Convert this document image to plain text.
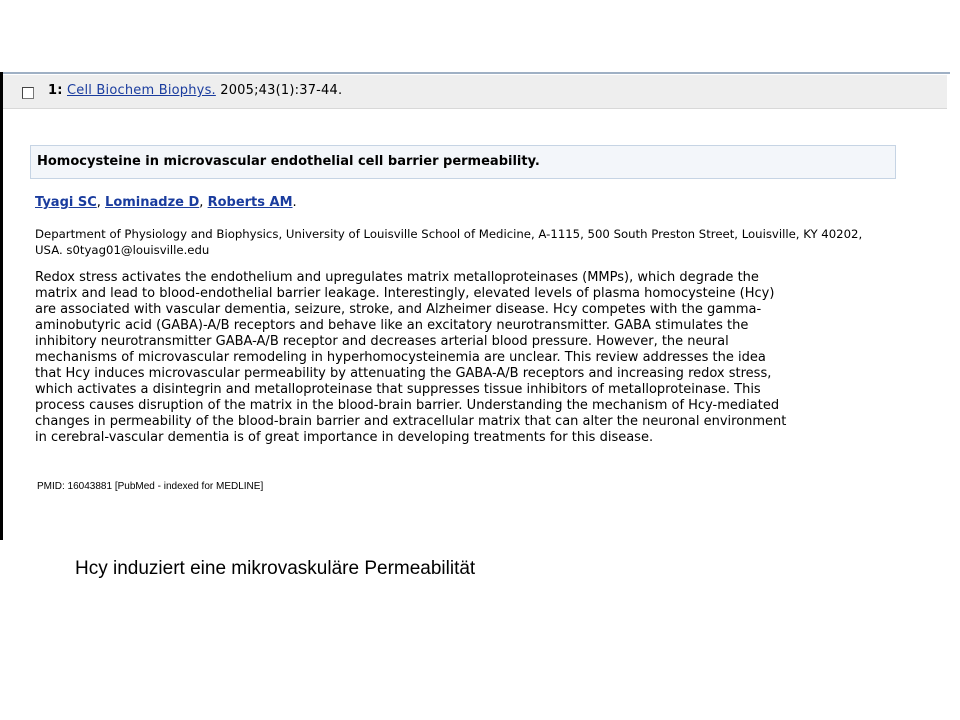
1: Cell Biochem Biophys. 2005;43(1):37-44.
Homocysteine in microvascular endothelial cell barrier permeability.
Tyagi SC, Lominadze D, Roberts AM.
Department of Physiology and Biophysics, University of Louisville School of Medicine, A-1115, 500 South Preston Street, Louisville, KY 40202, USA. s0tyag01@louisville.edu
Redox stress activates the endothelium and upregulates matrix metalloproteinases (MMPs), which degrade the
matrix and lead to blood-endothelial barrier leakage. Interestingly, elevated levels of plasma homocysteine (Hcy)
are associated with vascular dementia, seizure, stroke, and Alzheimer disease. Hcy competes with the gamma-
aminobutyric acid (GABA)-A/B receptors and behave like an excitatory neurotransmitter. GABA stimulates the
inhibitory neurotransmitter GABA-A/B receptor and decreases arterial blood pressure. However, the neural
mechanisms of microvascular remodeling in hyperhomocysteinemia are unclear. This review addresses the idea
that Hcy induces microvascular permeability by attenuating the GABA-A/B receptors and increasing redox stress,
which activates a disintegrin and metalloproteinase that suppresses tissue inhibitors of metalloproteinase. This
process causes disruption of the matrix in the blood-brain barrier. Understanding the mechanism of Hcy-mediated
changes in permeability of the blood-brain barrier and extracellular matrix that can alter the neuronal environment
in cerebral-vascular dementia is of great importance in developing treatments for this disease.
PMID: 16043881 [PubMed - indexed for MEDLINE]
Hcy induziert eine mikrovaskuläre Permeabilität
